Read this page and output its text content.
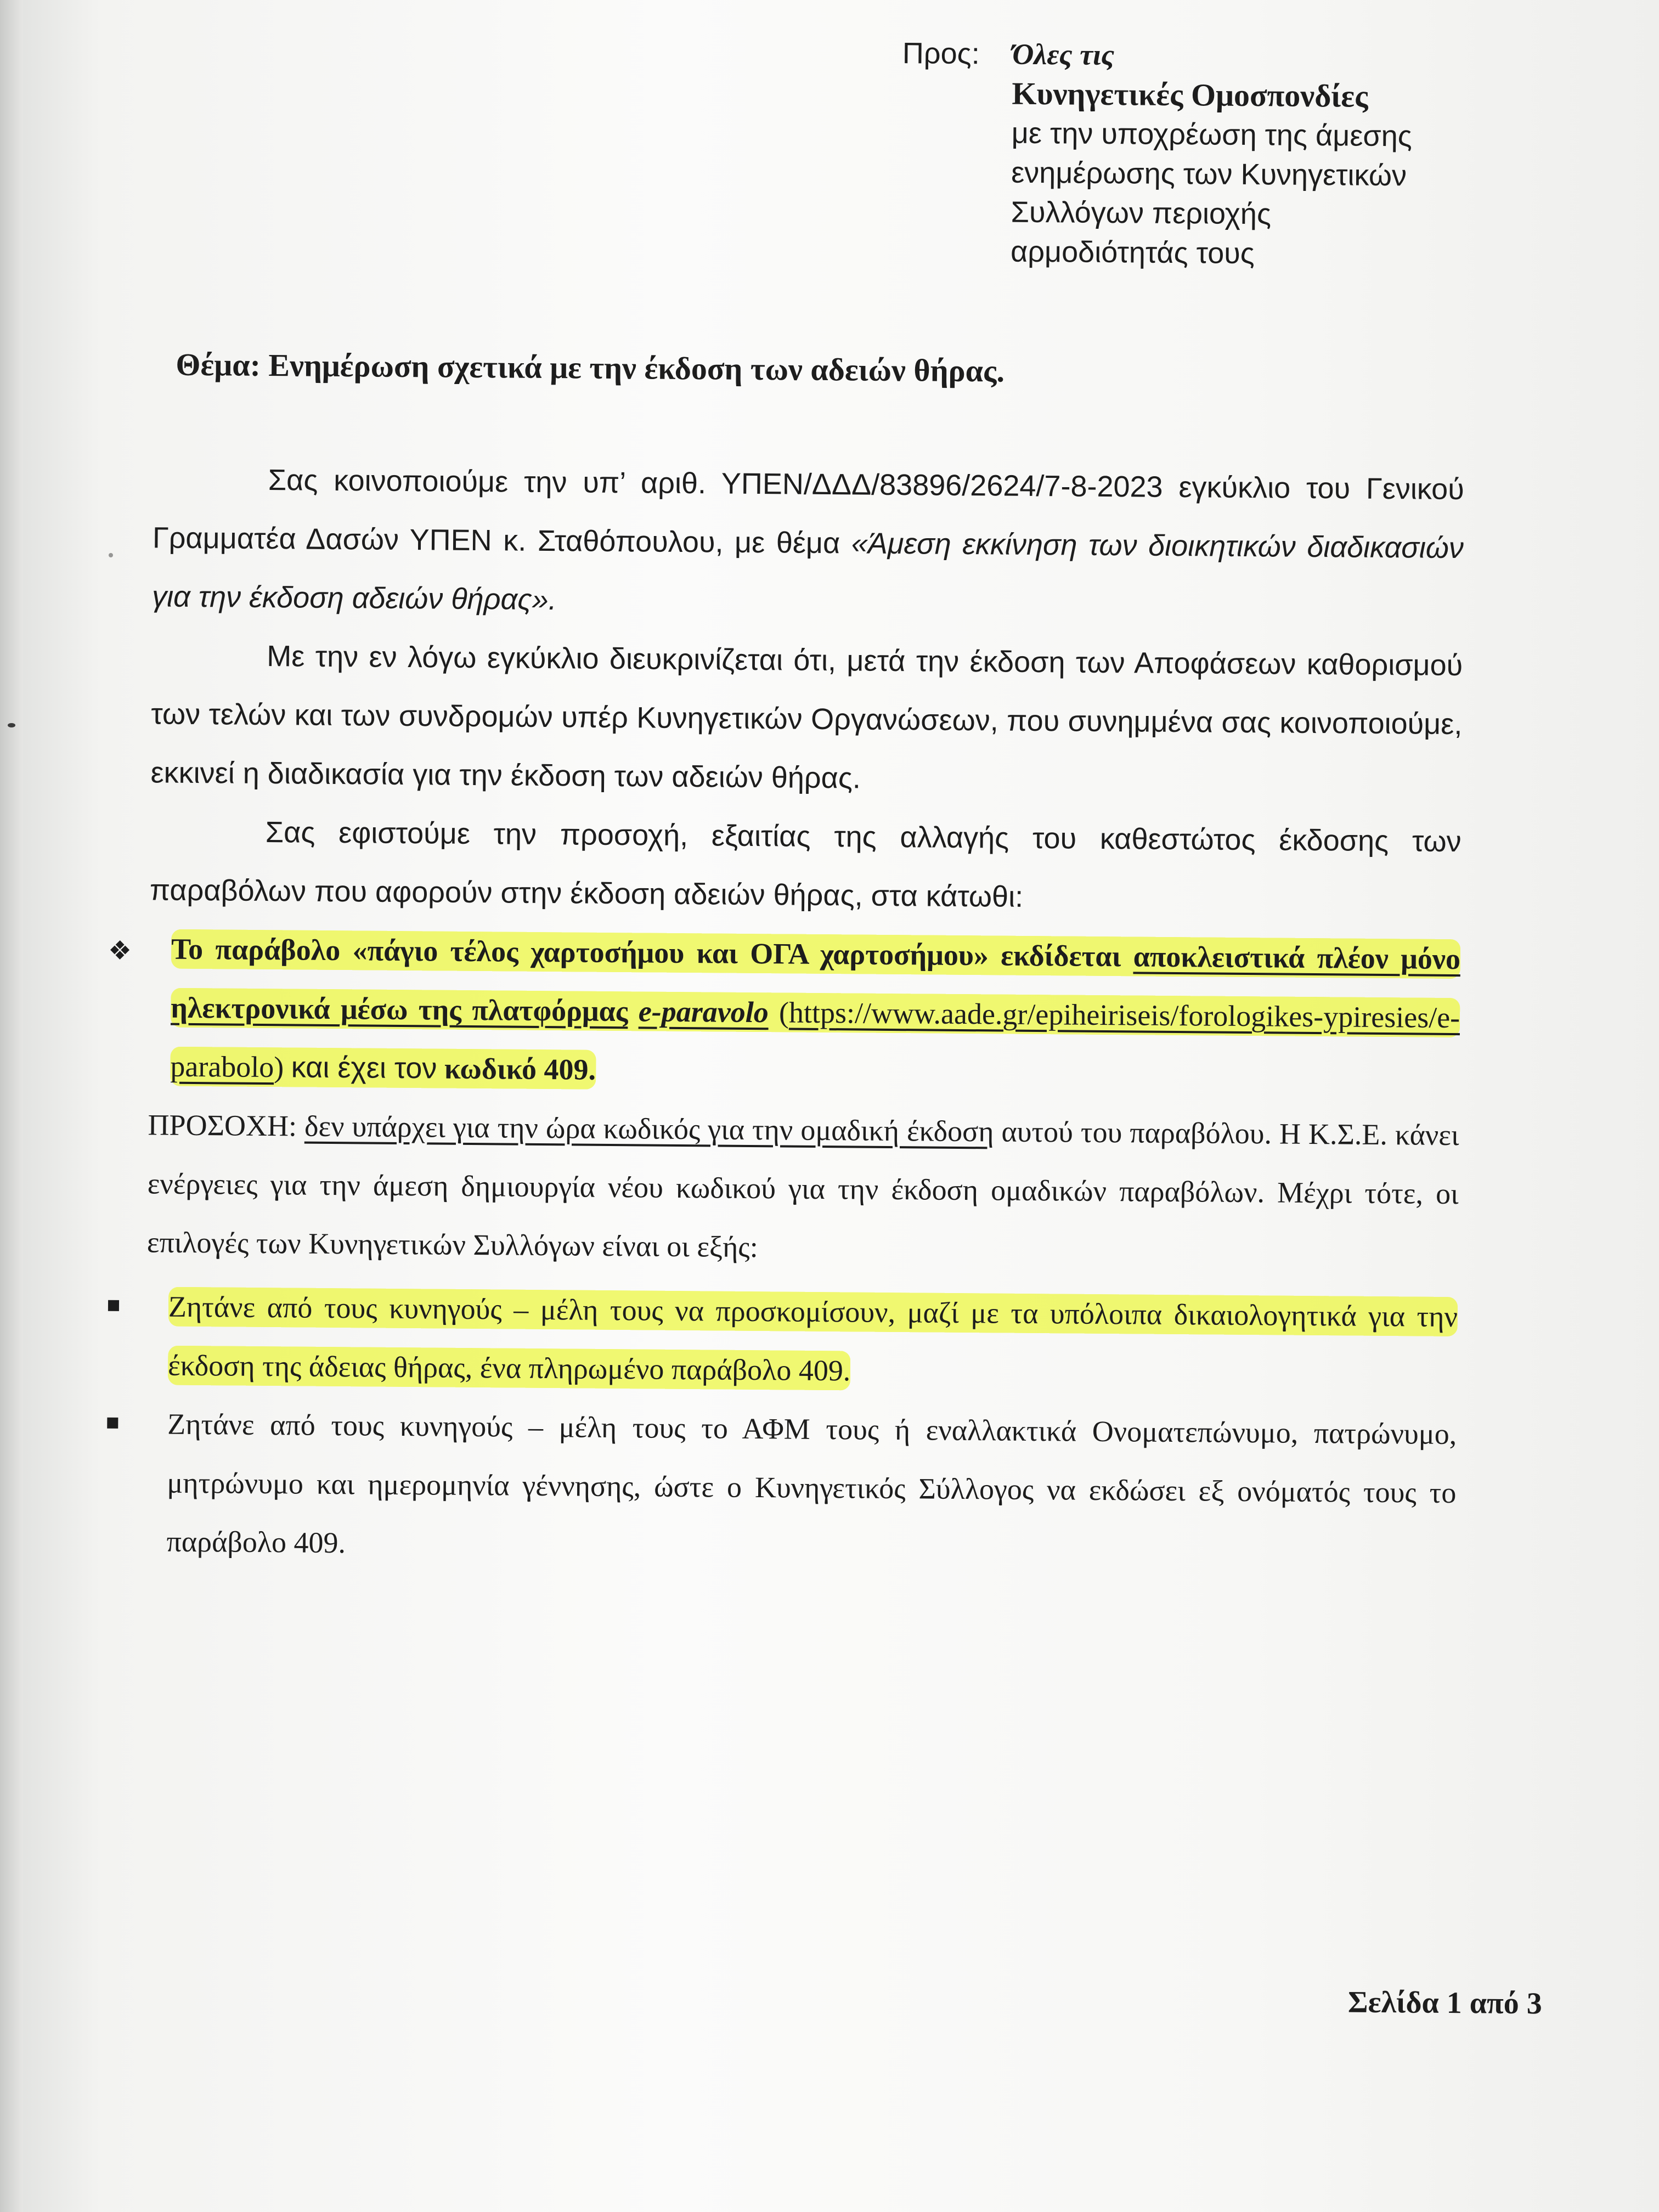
Προς: Όλες τις
Κυνηγετικές Ομοσπονδίες
με την υποχρέωση της άμεσης
ενημέρωσης των Κυνηγετικών
Συλλόγων περιοχής
αρμοδιότητάς τους
Θέμα: Ενημέρωση σχετικά με την έκδοση των αδειών θήρας.

Σας κοινοποιούμε την υπ’ αριθ. ΥΠΕΝ/ΔΔΔ/83896/2624/7-8-2023 εγκύκλιο του Γενικού Γραμματέα Δασών ΥΠΕΝ κ. Σταθόπουλου, με θέμα «Άμεση εκκίνηση των διοικητικών διαδικασιών για την έκδοση αδειών θήρας».

Με την εν λόγω εγκύκλιο διευκρινίζεται ότι, μετά την έκδοση των Αποφάσεων καθορισμού των τελών και των συνδρομών υπέρ Κυνηγετικών Οργανώσεων, που συνημμένα σας κοινοποιούμε, εκκινεί η διαδικασία για την έκδοση των αδειών θήρας.

Σας εφιστούμε την προσοχή, εξαιτίας της αλλαγής του καθεστώτος έκδοσης των παραβόλων που αφορούν στην έκδοση αδειών θήρας, στα κάτωθι:

❖ Το παράβολο «πάγιο τέλος χαρτοσήμου και ΟΓΑ χαρτοσήμου» εκδίδεται αποκλειστικά πλέον μόνο ηλεκτρονικά μέσω της πλατφόρμας e-paravolo (https://www.aade.gr/epiheiriseis/forologikes-ypiresies/e-parabolo) και έχει τον κωδικό 409.

ΠΡΟΣΟΧΗ: δεν υπάρχει για την ώρα κωδικός για την ομαδική έκδοση αυτού του παραβόλου. Η Κ.Σ.Ε. κάνει ενέργειες για την άμεση δημιουργία νέου κωδικού για την έκδοση ομαδικών παραβόλων. Μέχρι τότε, οι επιλογές των Κυνηγετικών Συλλόγων είναι οι εξής:

Ζητάνε από τους κυνηγούς – μέλη τους να προσκομίσουν, μαζί με τα υπόλοιπα δικαιολογητικά για την έκδοση της άδειας θήρας, ένα πληρωμένο παράβολο 409.

Ζητάνε από τους κυνηγούς – μέλη τους το ΑΦΜ τους ή εναλλακτικά Ονοματεπώνυμο, πατρώνυμο, μητρώνυμο και ημερομηνία γέννησης, ώστε ο Κυνηγετικός Σύλλογος να εκδώσει εξ ονόματός τους το παράβολο 409.

Σελίδα 1 από 3
